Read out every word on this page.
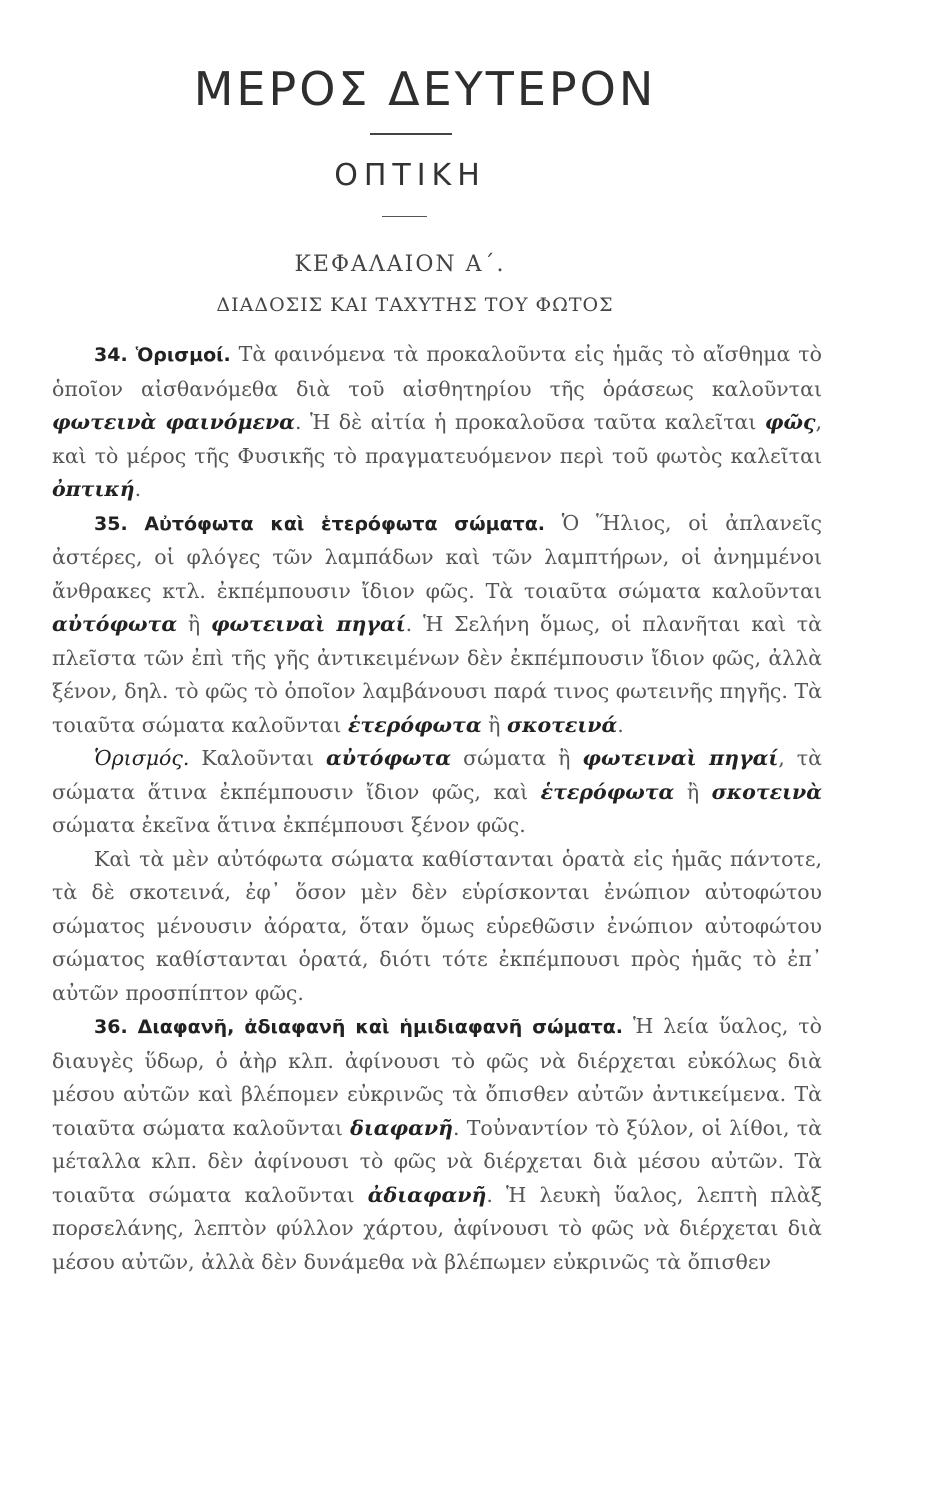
ΜΕΡΟΣ ΔΕΥΤΕΡΟΝ
ΟΠΤΙΚΗ
ΚΕΦΑΛΑΙΟΝ Α΄.
ΔΙΑΔΟΣΙΣ ΚΑΙ ΤΑΧΥΤΗΣ ΤΟΥ ΦΩΤΟΣ

34. Ὁρισμοί. Τὰ φαινόμενα τὰ προκαλοῦντα εἰς ἡμᾶς τὸ αἴσθημα τὸ ὁποῖον αἰσθανόμεθα διὰ τοῦ αἰσθητηρίου τῆς ὁράσεως καλοῦνται φωτεινὰ φαινόμενα. Ἡ δὲ αἰτία ἡ προκαλοῦσα ταῦτα καλεῖται φῶς, καὶ τὸ μέρος τῆς Φυσικῆς τὸ πραγματευόμενον περὶ τοῦ φωτὸς καλεῖται ὀπτική.

35. Αὐτόφωτα καὶ ἑτερόφωτα σώματα. Ὁ Ἥλιος, οἱ ἀπλανεῖς ἀστέρες, οἱ φλόγες τῶν λαμπάδων καὶ τῶν λαμπτήρων, οἱ ἀνημμένοι ἄνθρακες κτλ. ἐκπέμπουσιν ἴδιον φῶς. Τὰ τοιαῦτα σώματα καλοῦνται αὐτόφωτα ἢ φωτειναὶ πηγαί. Ἡ Σελήνη ὅμως, οἱ πλανῆται καὶ τὰ πλεῖστα τῶν ἐπὶ τῆς γῆς ἀντικειμένων δὲν ἐκπέμπουσιν ἴδιον φῶς, ἀλλὰ ξένον, δηλ. τὸ φῶς τὸ ὁποῖον λαμβάνουσι παρά τινος φωτεινῆς πηγῆς. Τὰ τοιαῦτα σώματα καλοῦνται ἑτερόφωτα ἢ σκοτεινά.

Ὁρισμός. Καλοῦνται αὐτόφωτα σώματα ἢ φωτειναὶ πηγαί, τὰ σώματα ἅτινα ἐκπέμπουσιν ἴδιον φῶς, καὶ ἑτερόφωτα ἢ σκοτεινὰ σώματα ἐκεῖνα ἅτινα ἐκπέμπουσι ξένον φῶς.

Καὶ τὰ μὲν αὐτόφωτα σώματα καθίστανται ὁρατὰ εἰς ἡμᾶς πάντοτε, τὰ δὲ σκοτεινά, ἐφ᾿ ὅσον μὲν δὲν εὑρίσκονται ἐνώπιον αὐτοφώτου σώματος μένουσιν ἀόρατα, ὅταν ὅμως εὑρεθῶσιν ἐνώπιον αὐτοφώτου σώματος καθίστανται ὁρατά, διότι τότε ἐκπέμπουσι πρὸς ἡμᾶς τὸ ἐπ᾿ αὐτῶν προσπίπτον φῶς.

36. Διαφανῆ, ἀδιαφανῆ καὶ ἡμιδιαφανῆ σώματα. Ἡ λεία ὕαλος, τὸ διαυγὲς ὕδωρ, ὁ ἀὴρ κλπ. ἀφίνουσι τὸ φῶς νὰ διέρχεται εὐκόλως διὰ μέσου αὐτῶν καὶ βλέπομεν εὐκρινῶς τὰ ὄπισθεν αὐτῶν ἀντικείμενα. Τὰ τοιαῦτα σώματα καλοῦνται διαφανῆ. Τοὐναντίον τὸ ξύλον, οἱ λίθοι, τὰ μέταλλα κλπ. δὲν ἀφίνουσι τὸ φῶς νὰ διέρχεται διὰ μέσου αὐτῶν. Τὰ τοιαῦτα σώματα καλοῦνται ἀδιαφανῆ. Ἡ λευκὴ ὕαλος, λεπτὴ πλὰξ πορσελάνης, λεπτὸν φύλλον χάρτου, ἀφίνουσι τὸ φῶς νὰ διέρχεται διὰ μέσου αὐτῶν, ἀλλὰ δὲν δυνάμεθα νὰ βλέπωμεν εὐκρινῶς τὰ ὄπισθεν
